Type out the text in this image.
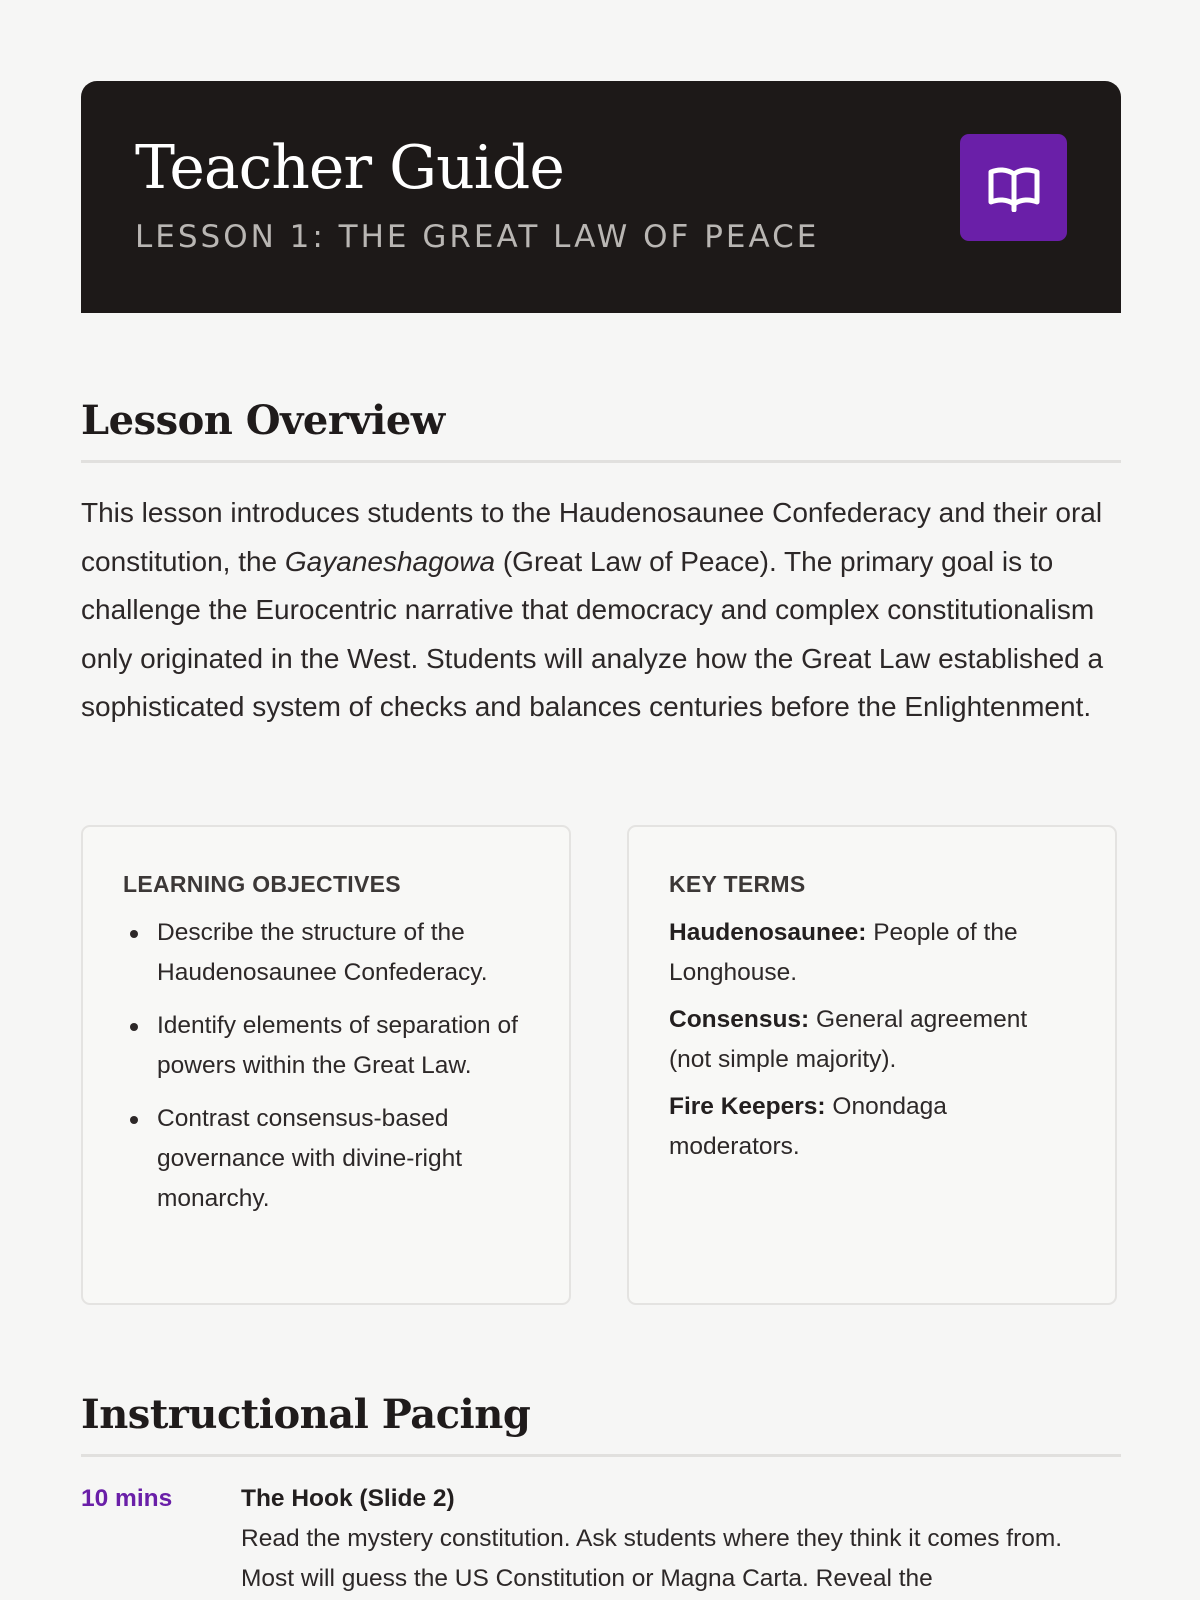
Teacher Guide
LESSON 1: THE GREAT LAW OF PEACE
Lesson Overview

This lesson introduces students to the Haudenosaunee Confederacy and their oral constitution, the Gayaneshagowa (Great Law of Peace). The primary goal is to challenge the Eurocentric narrative that democracy and complex constitutionalism only originated in the West. Students will analyze how the Great Law established a sophisticated system of checks and balances centuries before the Enlightenment.

LEARNING OBJECTIVES
Describe the structure of the Haudenosaunee Confederacy.
Identify elements of separation of powers within the Great Law.
Contrast consensus-based governance with divine-right monarchy.
KEY TERMS

Haudenosaunee: People of the Longhouse.

Consensus: General agreement (not simple majority).

Fire Keepers: Onondaga moderators.

Instructional Pacing
10 mins	The Hook (Slide 2)

Read the mystery constitution. Ask students where they think it comes from. Most will guess the US Constitution or Magna Carta. Reveal the
